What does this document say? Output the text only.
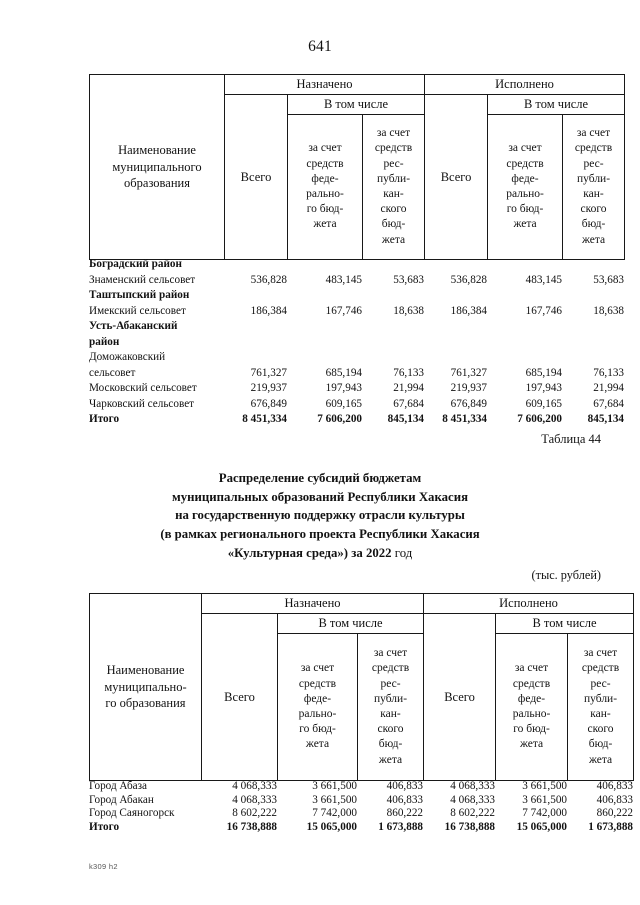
641
Наименование
муниципального
образования	Назначено			Исполнено		
	Всего	В том числе		Всего	В том числе	

за счет
средств
феде-
рально-
го бюд-
жета

за счет
средств
рес-
публи-
кан-
ского
бюд-
жета

за счет
средств
феде-
рально-
го бюд-
жета

за счет
средств
рес-
публи-
кан-
ского
бюд-
жета
Боградский район						
Знаменский сельсовет	536,828	483,145	53,683	536,828	483,145	53,683
Таштыпский район						
Имекский сельсовет	186,384	167,746	18,638	186,384	167,746	18,638
Усть-Абаканский						
район						
Доможаковский						
сельсовет	761,327	685,194	76,133	761,327	685,194	76,133
Московский сельсовет	219,937	197,943	21,994	219,937	197,943	21,994
Чарковский сельсовет	676,849	609,165	67,684	676,849	609,165	67,684
Итого	8 451,334	7 606,200	845,134	8 451,334	7 606,200	845,134
Таблица 44
Распределение субсидий бюджетам
муниципальных образований Республики Хакасия
на государственную поддержку отрасли культуры
(в рамках регионального проекта Республики Хакасия
«Культурная среда») за 2022 год
(тыс. рублей)
Наименование
муниципально-
го образования	Назначено			Исполнено		
	Всего	В том числе		Всего	В том числе	

за счет
средств
феде-
рально-
го бюд-
жета

за счет
средств
рес-
публи-
кан-
ского
бюд-
жета

за счет
средств
феде-
рально-
го бюд-
жета

за счет
средств
рес-
публи-
кан-
ского
бюд-
жета
Город Абаза	4 068,333	3 661,500	406,833	4 068,333	3 661,500	406,833
Город Абакан	4 068,333	3 661,500	406,833	4 068,333	3 661,500	406,833
Город Саяногорск	8 602,222	7 742,000	860,222	8 602,222	7 742,000	860,222
Итого	16 738,888	15 065,000	1 673,888	16 738,888	15 065,000	1 673,888
k309 h2
